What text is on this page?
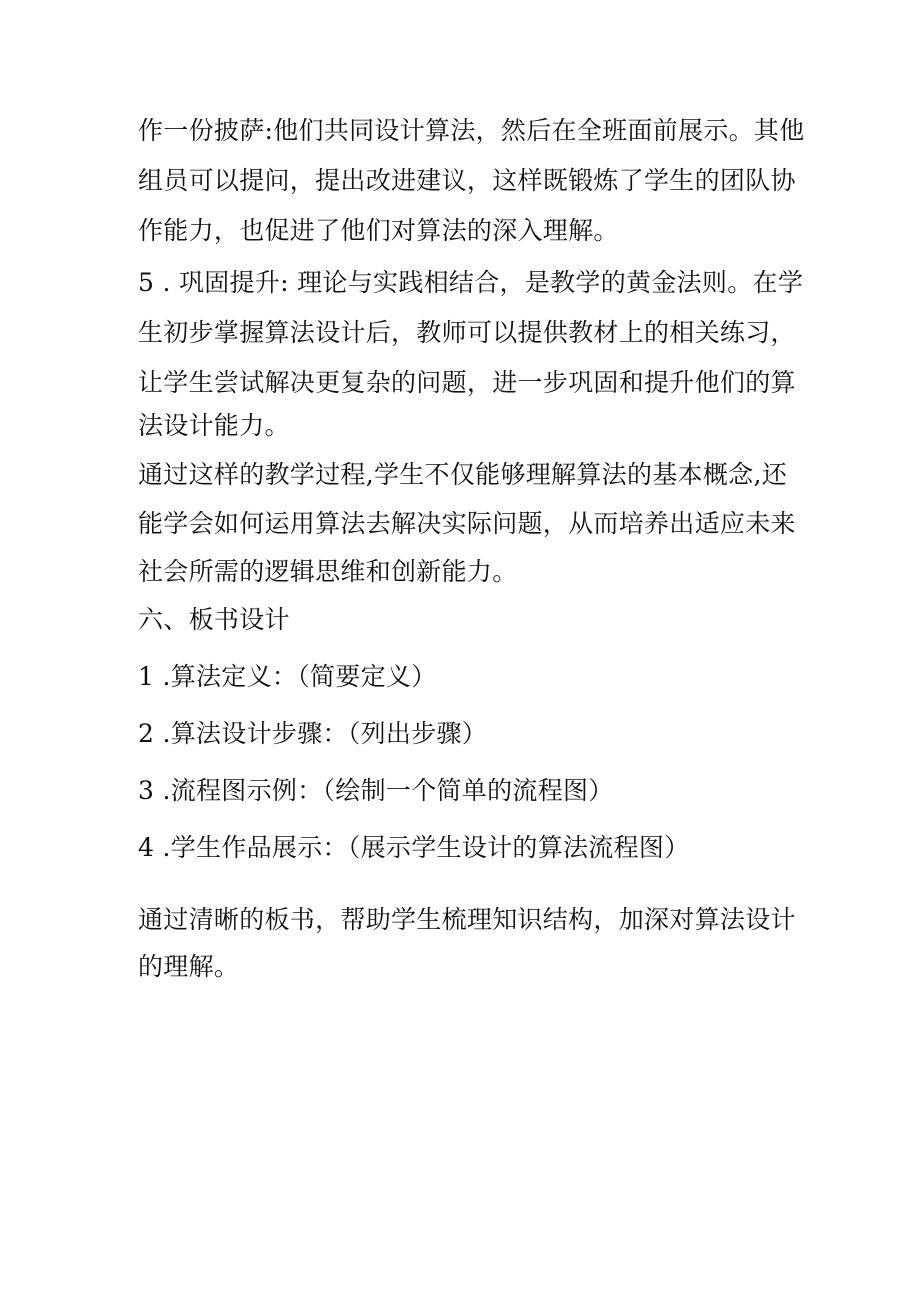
作一份披萨:他们共同设计算法，然后在全班面前展示。其他
组员可以提问，提出改进建议，这样既锻炼了学生的团队协
作能力，也促进了他们对算法的深入理解。
5 . 巩固提升: 理论与实践相结合，是教学的黄金法则。在学
生初步掌握算法设计后，教师可以提供教材上的相关练习，
让学生尝试解决更复杂的问题，进一步巩固和提升他们的算
法设计能力。
通过这样的教学过程,学生不仅能够理解算法的基本概念,还
能学会如何运用算法去解决实际问题，从而培养出适应未来
社会所需的逻辑思维和创新能力。
六、板书设计
1 .算法定义：（简要定义）
2 .算法设计步骤：（列出步骤）
3 .流程图示例：（绘制一个简单的流程图）
4 .学生作品展示：（展示学生设计的算法流程图）
通过清晰的板书，帮助学生梳理知识结构，加深对算法设计
的理解。
